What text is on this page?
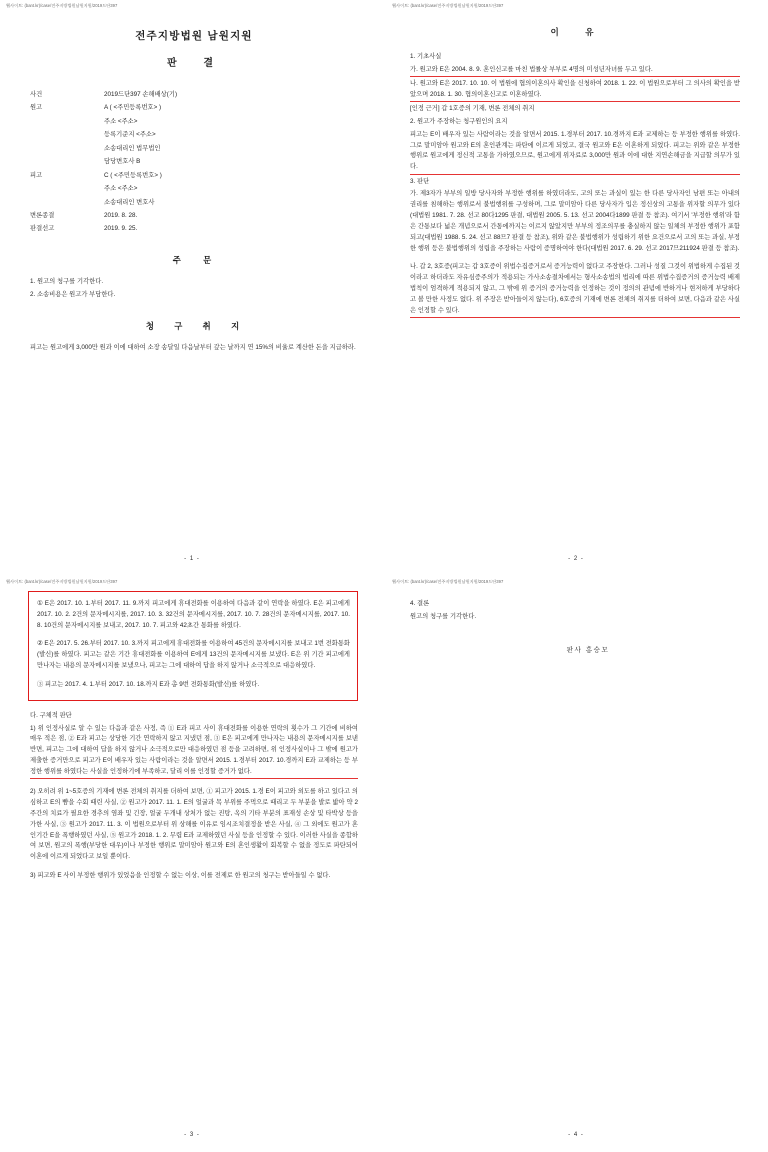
웹사이트: (bant.kr)/case/전주지방법원남원지원/2019드단397
전주지방법원 남원지원
판 결
사건	2019드단397 손해배상(기)
원고	A ( <주민등록번호> )
	주소 <주소>
	등록기준지 <주소>
	소송대리인 법무법인
	담당변호사 B
피고	C ( <주민등록번호> )
	주소 <주소>
	소송대리인 변호사
변론종결	2019. 8. 28.
판결선고	2019. 9. 25.
주 문

1. 원고의 청구를 기각한다.

2. 소송비용은 원고가 부담한다.

청 구 취 지

피고는 원고에게 3,000만 원과 이에 대하여 소장 송달일 다음날부터 갚는 날까지 연 15%의 비율로 계산한 돈을 지급하라.

- 1 -
웹사이트: (bant.kr)/case/전주지방법원남원지원/2019드단397
이 유

1. 기초사실

가. 원고와 E은 2004. 8. 9. 혼인신고를 마친 법률상 부부로 4명의 미성년자녀를 두고 있다.

나. 원고와 E은 2017. 10. 10. 이 법원에 협의이혼의사 확인을 신청하여 2018. 1. 22. 이 법원으로부터 그 의사의 확인을 받았으며 2018. 1. 30. 협의이혼신고로 이혼하였다.

[인정 근거] 갑 1호증의 기재, 변론 전체의 취지

2. 원고가 주장하는 청구원인의 요지

피고는 E이 배우자 있는 사람이라는 것을 알면서 2015. 1.경부터 2017. 10.경까지 E과 교제하는 등 부정한 행위를 하였다. 그로 말미암아 원고와 E의 혼인관계는 파탄에 이르게 되었고, 결국 원고와 E은 이혼하게 되었다. 피고는 위와 같은 부정한 행위로 원고에게 정신적 고통을 가하였으므로, 원고에게 위자료로 3,000만 원과 이에 대한 지연손해금을 지급할 의무가 있다.

3. 판단

가. 제3자가 부부의 일방 당사자와 부정한 행위를 하였더라도, 고의 또는 과실이 있는 한 다른 당사자인 남편 또는 아내의 권리를 침해하는 행위로서 불법행위를 구성하며, 그로 말미암아 다른 당사자가 입은 정신상의 고통을 위자할 의무가 있다(대법원 1981. 7. 28. 선고 80다1295 판결, 대법원 2005. 5. 13. 선고 2004다1899 판결 등 참조). 여기서 '부정한 행위'라 함은 간통보다 넓은 개념으로서 간통에까지는 이르지 않았지만 부부의 정조의무를 충실하지 않는 일체의 부정한 행위가 포함되고(대법원 1988. 5. 24. 선고 88므7 판결 등 참조), 위와 같은 불법행위가 성립하기 위한 요건으로서 고의 또는 과실, 부정한 행위 등은 불법행위의 성립을 주장하는 사람이 증명하여야 한다(대법원 2017. 6. 29. 선고 2017므211924 판결 등 참조).

나. 갑 2, 3호증(피고는 갑 3호증이 위법수집증거로서 증거능력이 없다고 주장한다. 그러나 성질 그것이 위법하게 수집된 것이라고 하더라도 자유심증주의가 적용되는 가사소송절차에서는 형사소송법의 법리에 따른 위법수집증거의 증거능력 배제법칙이 엄격하게 적용되지 않고, 그 밖에 위 증거의 증거능력을 인정하는 것이 정의의 관념에 반하거나 현저하게 부당하다고 볼 만한 사정도 없다. 위 주장은 받아들이지 않는다), 6호증의 기재에 변론 전체의 취지를 더하여 보면, 다음과 같은 사실은 인정할 수 있다.

- 2 -
웹사이트: (bant.kr)/case/전주지방법원남원지원/2019드단397

① E은 2017. 10. 1.부터 2017. 11. 9.까지 피고에게 휴대전화를 이용하여 다음과 같이 연락을 하였다. E은 피고에게 2017. 10. 2. 2건의 문자메시지를, 2017. 10. 3. 32건의 문자메시지를, 2017. 10. 7. 28건의 문자메시지를, 2017. 10. 8. 10건의 문자메시지를 보내고, 2017. 10. 7. 피고와 42초간 통화를 하였다.

② E은 2017. 5. 26.부터 2017. 10. 3.까지 피고에게 휴대전화를 이용하여 45건의 문자메시지를 보내고 1번 전화통화(발신)를 하였다. 피고는 같은 기간 휴대전화를 이용하여 E에게 13건의 문자메시지를 보냈다. E은 위 기간 피고에게 만나자는 내용의 문자메시지를 보냈으나, 피고는 그에 대하여 답을 하지 않거나 소극적으로 대응하였다.

③ 피고는 2017. 4. 1.부터 2017. 10. 18.까지 E과 총 9번 전화통화(발신)를 하였다.

다. 구체적 판단

1) 위 인정사실로 알 수 있는 다음과 같은 사정, 즉 ① E과 피고 사이 휴대전화를 이용한 연락의 횟수가 그 기간에 비하여 매우 적은 점, ② E과 피고는 상당한 기간 연락하지 않고 지냈던 점, ③ E은 피고에게 만나자는 내용의 문자메시지를 보낸 반면, 피고는 그에 대하여 답을 하지 않거나 소극적으로만 대응하였던 점 등을 고려하면, 위 인정사실이나 그 밖에 원고가 제출한 증거만으로 피고가 E이 배우자 있는 사람이라는 것을 알면서 2015. 1.경부터 2017. 10.경까지 E과 교제하는 등 부정한 행위를 하였다는 사실을 인정하기에 부족하고, 달리 이를 인정할 증거가 없다.

2) 오히려 위 1~5호증의 기재에 변론 전체의 취지를 더하여 보면, ① 피고가 2015. 1.경 E이 피고와 외도를 하고 있다고 의심하고 E의 뺨을 수회 때린 사실, ② 원고가 2017. 11. 1. E의 얼굴과 목 부위를 주먹으로 때리고 두 부분을 발로 밟아 약 2주간의 치료가 필요한 경추의 염좌 및 긴장, 얼굴 두개내 상처가 없는 진탕, 옥의 기타 부분의 표재성 손상 및 타박상 등을 가한 사실, ③ 원고가 2017. 11. 3. 이 법원으로부터 위 상해를 이유로 임시조치결정을 받은 사실, ④ 그 외에도 원고가 혼인기간 E을 폭행하였던 사실, ⑤ 원고가 2018. 1. 2. 무렵 E과 교제하였던 사실 등을 인정할 수 있다. 이러한 사실을 종합하여 보면, 원고의 폭행(부당한 대우)이나 부정한 행위로 말미암아 원고와 E의 혼인생활이 회복할 수 없을 정도로 파탄되어 이혼에 이르게 되었다고 보일 뿐이다.

3) 피고와 E 사이 부정한 행위가 있었음을 인정할 수 없는 이상, 이를 전제로 한 원고의 청구는 받아들일 수 없다.

- 3 -
웹사이트: (bant.kr)/case/전주지방법원남원지원/2019드단397

4. 결론

원고의 청구를 기각한다.

판사 홍승모
- 4 -
